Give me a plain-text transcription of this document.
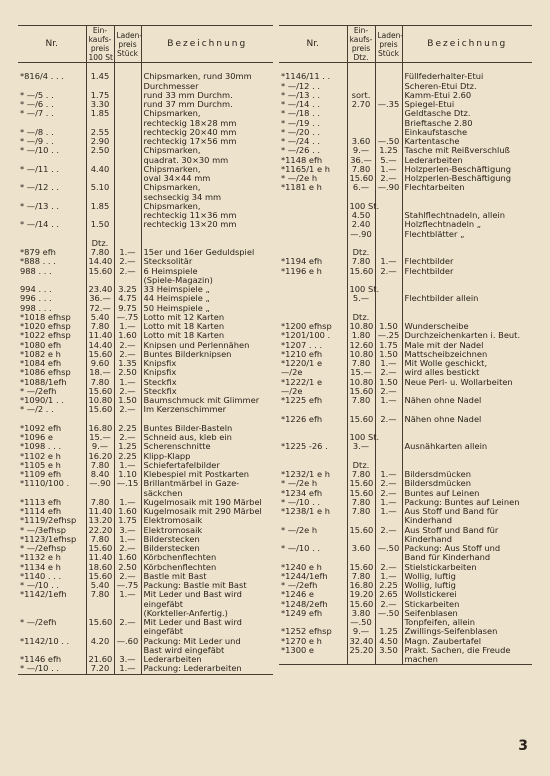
Nr.	Ein-
kaufs-
preis
100 St	Laden-
preis
Stück	Bezeichnung

*816/4 . . .	1.45		Chipsmarken, rund 30mm
			Durchmesser
* —/5 . .	1.75		rund 33 mm Durchm.
* —/6 . .	3.30		rund 37 mm Durchm.
* —/7 . .	1.85		Chipsmarken,
			rechteckig 18×28 mm
* —/8 . .	2.55		rechteckig 20×40 mm
* —/9 . .	2.90		rechteckig 17×56 mm
* —/10 . .	2.50		Chipsmarken,
			quadrat. 30×30 mm
* —/11 . .	4.40		Chipsmarken,
			oval 34×44 mm
* —/12 . .	5.10		Chipsmarken,
			sechseckig 34 mm
* —/13 . .	1.85		Chipsmarken,
			rechteckig 11×36 mm
* —/14 . .	1.50		rechteckig 13×20 mm

	Dtz.		
*879 efh	7.80	1.—	15er und 16er Geduldspiel
*888 . . .	14.40	2.—	Stecksolitär
988 . . .	15.60	2.—	6 Heimspiele
			(Spiele-Magazin)
994 . . .	23.40	3.25	33 Heimspiele „
996 . . .	36.—	4.75	44 Heimspiele „
998 . . .	72.—	9.75	50 Heimspiele „
*1018 efhsp	5.40	—.75	Lotto mit 12 Karten
*1020 efhsp	7.80	1.—	Lotto mit 18 Karten
*1022 efhsp	11.40	1.60	Lotto mit 18 Karten
*1080 efh	14.40	2.—	Knipsen und Perlennähen
*1082 e h	15.60	2.—	Buntes Bilderknipsen
*1084 efh	9.60	1.35	Knipsfix
*1086 efhsp	18.—	2.50	Knipsfix
*1088/1efh	7.80	1.—	Steckfix
* —/2efh	15.60	2.—	Steckfix
*1090/1 . .	10.80	1.50	Baumschmuck mit Glimmer
* —/2 . .	15.60	2.—	Im Kerzenschimmer

*1092 efh	16.80	2.25	Buntes Bilder-Basteln
*1096 e	15.—	2.—	Schneid aus, kleb ein
*1098 . . .	9.—	1.25	Scherenschnitte
*1102 e h	16.20	2.25	Klipp-Klapp
*1105 e h	7.80	1.—	Schiefertafelbilder
*1109 efh	8.40	1.10	Klebespiel mit Postkarten
*1110/100 .	—.90	—.15	Brillantmärbel in Gaze-
			säckchen
*1113 efh	7.80	1.—	Kugelmosaik mit 190 Märbel
*1114 efh	11.40	1.60	Kugelmosaik mit 290 Märbel
*1119/2efhsp	13.20	1.75	Elektromosaik
* —/3efhsp	22.20	3.—	Elektromosaik
*1123/1efhsp	7.80	1.—	Bilderstecken
* —/2efhsp	15.60	2.—	Bilderstecken
*1132 e h	11.40	1.60	Körbchenflechten
*1134 e h	18.60	2.50	Körbchenflechten
*1140 . . .	15.60	2.—	Bastle mit Bast
* —/10 . .	5.40	—.75	Packung: Bastle mit Bast
*1142/1efh	7.80	1.—	Mit Leder und Bast wird
			eingefäbt
			(Korkteller-Anfertig.)
* —/2efh	15.60	2.—	Mit Leder und Bast wird
			eingefäbt
*1142/10 . .	4.20	—.60	Packung: Mit Leder und
			Bast wird eingefäbt
*1146 efh	21.60	3.—	Lederarbeiten
* —/10 . .	7.20	1.—	Packung: Lederarbeiten
Nr.	Ein-
kaufs-
preis
Dtz.	Laden-
preis
Stück	Bezeichnung

*1146/11 . .			Füllfederhalter-Etui
* —/12 . .			Scheren-Etui Dtz.
* —/13 . .	sort.		Kamm-Etui 2.60
* —/14 . .	2.70	—.35	Spiegel-Etui
* —/18 . .			Geldtasche Dtz.
* —/19 . .			Brieftasche 2.80
* —/20 . .			Einkaufstasche
* —/24 . .	3.60	—.50	Kartentasche
* —/26 . .	9.—	1.25	Tasche mit Reißverschluß
*1148 efh	36.—	5.—	Lederarbeiten
*1165/1 e h	7.80	1.—	Holzperlen-Beschäftigung
* —/2e h	15.60	2.—	Holzperlen-Beschäftigung
*1181 e h	6.—	—.90	Flechtarbeiten

	100 St.		
	4.50		Stahlflechtnadeln, allein
	2.40		Holzflechtnadeln „
	—.90		Flechtblätter „

	Dtz.		
*1194 efh	7.80	1.—	Flechtbilder
*1196 e h	15.60	2.—	Flechtbilder

	100 St.		
	5.—		Flechtbilder allein

	Dtz.		
*1200 efhsp	10.80	1.50	Wunderscheibe
*1201/100 .	1.80	—.25	Durchzeichenkarten i. Beut.
*1207 . . .	12.60	1.75	Male mit der Nadel
*1210 efh	10.80	1.50	Mattscheibzeichnen
*1220/1 e	7.80	1.—	Mit Wolle geschickt,
—/2e	15.—	2.—	wird alles bestickt
*1222/1 e	10.80	1.50	Neue Perl- u. Wollarbeiten
—/2e	15.60	2.—	
*1225 efh	7.80	1.—	Nähen ohne Nadel

*1226 efh	15.60	2.—	Nähen ohne Nadel

	100 St.		
*1225 -26 .	3.—		Ausnähkarten allein

	Dtz.		
*1232/1 e h	7.80	1.—	Bildersdmücken
* —/2e h	15.60	2.—	Bildersdmücken
*1234 efh	15.60	2.—	Buntes auf Leinen
* —/10 . .	7.80	1.—	Packung: Buntes auf Leinen
*1238/1 e h	7.80	1.—	Aus Stoff und Band für
			Kinderhand
* —/2e h	15.60	2.—	Aus Stoff und Band für
			Kinderhand
* —/10 . .	3.60	—.50	Packung: Aus Stoff und
			Band für Kinderhand
*1240 e h	15.60	2.—	Stielstickarbeiten
*1244/1efh	7.80	1.—	Wollig, luftig
* —/2efh	16.80	2.25	Wollig, luftig
*1246 e	19.20	2.65	Wollstickerei
*1248/2efh	15.60	2.—	Stickarbeiten
*1249 efh	3.80	—.50	Seifenblasen
	—.50		Tonpfeifen, allein
*1252 efhsp	9.—	1.25	Zwillings-Seifenblasen
*1270 e h	32.40	4.50	Magn. Zaubertafel
*1300 e	25.20	3.50	Prakt. Sachen, die Freude
			machen
3
